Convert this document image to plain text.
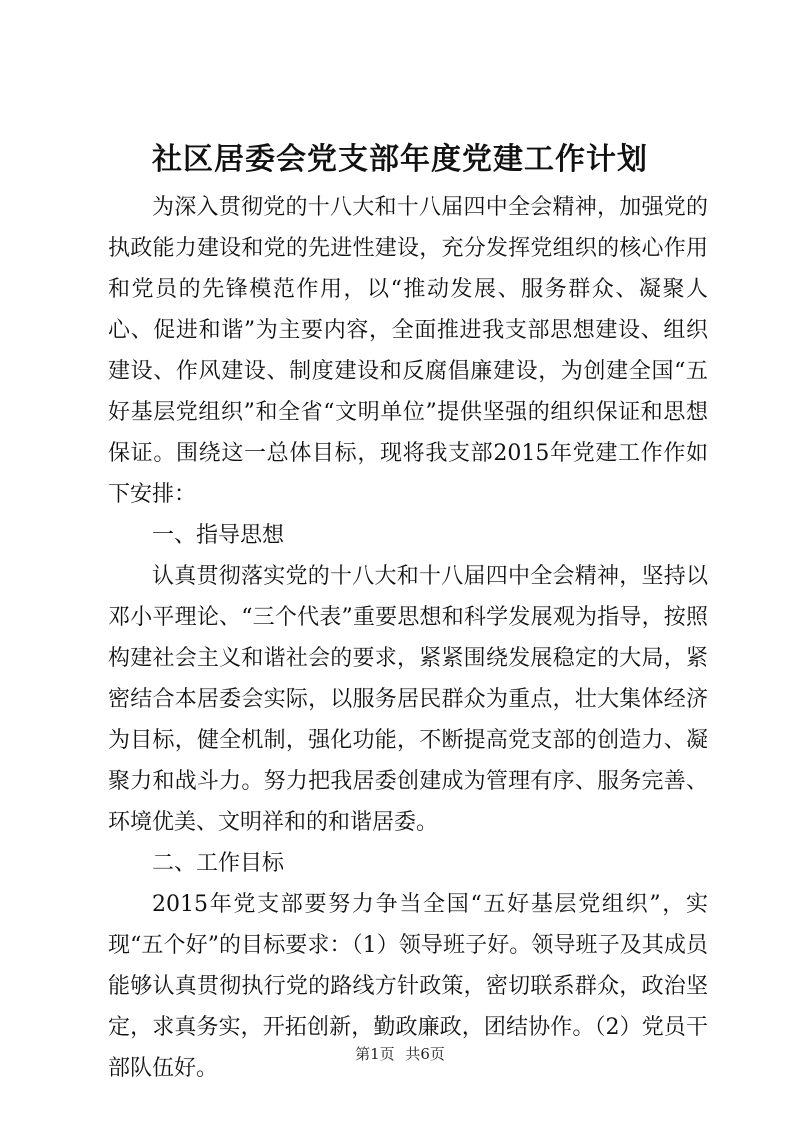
社区居委会党支部年度党建工作计划

为深入贯彻党的十八大和十八届四中全会精神，加强党的执政能力建设和党的先进性建设，充分发挥党组织的核心作用和党员的先锋模范作用，以“推动发展、服务群众、凝聚人心、促进和谐”为主要内容，全面推进我支部思想建设、组织建设、作风建设、制度建设和反腐倡廉建设，为创建全国“五好基层党组织”和全省“文明单位”提供坚强的组织保证和思想保证。围绕这一总体目标，现将我支部2015年党建工作作如下安排：

一、指导思想

认真贯彻落实党的十八大和十八届四中全会精神，坚持以邓小平理论、“三个代表”重要思想和科学发展观为指导，按照构建社会主义和谐社会的要求，紧紧围绕发展稳定的大局，紧密结合本居委会实际，以服务居民群众为重点，壮大集体经济为目标，健全机制，强化功能，不断提高党支部的创造力、凝聚力和战斗力。努力把我居委创建成为管理有序、服务完善、环境优美、文明祥和的和谐居委。

二、工作目标

2015年党支部要努力争当全国“五好基层党组织”，实现“五个好”的目标要求：（1）领导班子好。领导班子及其成员能够认真贯彻执行党的路线方针政策，密切联系群众，政治坚定，求真务实，开拓创新，勤政廉政，团结协作。（2）党员干部队伍好。

第1页 共6页
